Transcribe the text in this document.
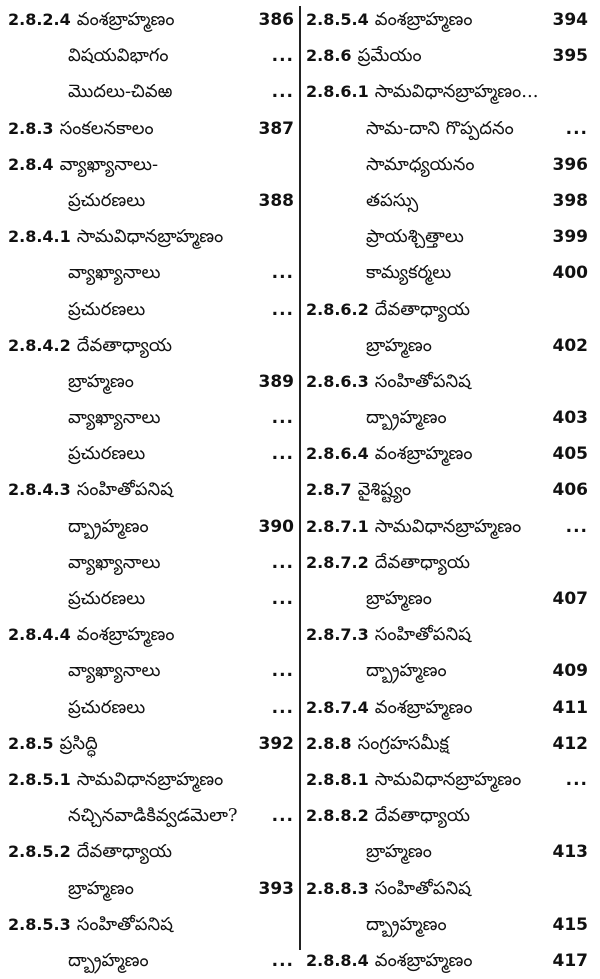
2.8.2.4 వంశబ్రాహ్మణం	386
విషయవిభాగం	...
మొదలు-చివఱ	...
2.8.3 సంకలనకాలం	387
2.8.4 వ్యాఖ్యానాలు-
ప్రచురణలు	388
2.8.4.1 సామవిధానబ్రాహ్మణం
వ్యాఖ్యానాలు	...
ప్రచురణలు	...
2.8.4.2 దేవతాధ్యాయ
బ్రాహ్మణం	389
వ్యాఖ్యానాలు	...
ప్రచురణలు	...
2.8.4.3 సంహితోపనిష
ద్బ్రాహ్మణం	390
వ్యాఖ్యానాలు	...
ప్రచురణలు	...
2.8.4.4 వంశబ్రాహ్మణం
వ్యాఖ్యానాలు	...
ప్రచురణలు	...
2.8.5 ప్రసిద్ధి	392
2.8.5.1 సామవిధానబ్రాహ్మణం
నచ్చినవాడికివ్వడమెలా? ...
2.8.5.2 దేవతాధ్యాయ
బ్రాహ్మణం	393
2.8.5.3 సంహితోపనిష
ద్బ్రాహ్మణం	...
2.8.5.4 వంశబ్రాహ్మణం	394
2.8.6 ప్రమేయం	395
2.8.6.1 సామవిధానబ్రాహ్మణం...
సామ-దాని గొప్పదనం	...
సామాధ్యయనం	396
తపస్సు	398
ప్రాయశ్చిత్తాలు	399
కామ్యకర్మలు	400
2.8.6.2 దేవతాధ్యాయ
బ్రాహ్మణం	402
2.8.6.3 సంహితోపనిష
ద్బ్రాహ్మణం	403
2.8.6.4 వంశబ్రాహ్మణం	405
2.8.7 వైశిష్ట్యం	406
2.8.7.1 సామవిధానబ్రాహ్మణం	...
2.8.7.2 దేవతాధ్యాయ
బ్రాహ్మణం	407
2.8.7.3 సంహితోపనిష
ద్బ్రాహ్మణం	409
2.8.7.4 వంశబ్రాహ్మణం	411
2.8.8 సంగ్రహసమీక్ష	412
2.8.8.1 సామవిధానబ్రాహ్మణం	...
2.8.8.2 దేవతాధ్యాయ
బ్రాహ్మణం	413
2.8.8.3 సంహితోపనిష
ద్బ్రాహ్మణం	415
2.8.8.4 వంశబ్రాహ్మణం	417
